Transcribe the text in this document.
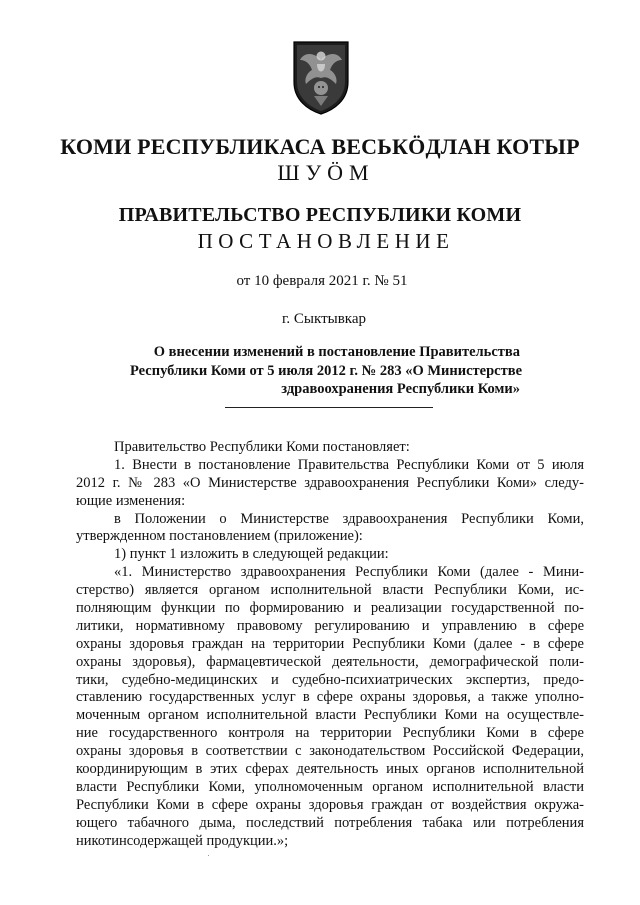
КОМИ РЕСПУБЛИКАСА ВЕСЬКӦДЛАН КОТЫР
ШУӦМ
ПРАВИТЕЛЬСТВО РЕСПУБЛИКИ КОМИ
ПОСТАНОВЛЕНИЕ
от 10 февраля 2021 г. № 51
г. Сыктывкар
О внесении изменений в постановление Правительства
Республики Коми от 5 июля 2012 г. № 283 «О Министерстве
здравоохранения Республики Коми»
Правительство Республики Коми постановляет:
1. Внести в постановление Правительства Республики Коми от 5 июля
2012 г. № 283 «О Министерстве здравоохранения Республики Коми» следу-
ющие изменения:
в Положении о Министерстве здравоохранения Республики Коми,
утвержденном постановлением (приложение):
1) пункт 1 изложить в следующей редакции:
«1. Министерство здравоохранения Республики Коми (далее - Мини-
стерство) является органом исполнительной власти Республики Коми, ис-
полняющим функции по формированию и реализации государственной по-
литики, нормативному правовому регулированию и управлению в сфере
охраны здоровья граждан на территории Республики Коми (далее - в сфере
охраны здоровья), фармацевтической деятельности, демографической поли-
тики, судебно-медицинских и судебно-психиатрических экспертиз, предо-
ставлению государственных услуг в сфере охраны здоровья, а также уполно-
моченным органом исполнительной власти Республики Коми на осуществле-
ние государственного контроля на территории Республики Коми в сфере
охраны здоровья в соответствии с законодательством Российской Федерации,
координирующим в этих сферах деятельность иных органов исполнительной
власти Республики Коми, уполномоченным органом исполнительной власти
Республики Коми в сфере охраны здоровья граждан от воздействия окружа-
ющего табачного дыма, последствий потребления табака или потребления
никотинсодержащей продукции.»;
